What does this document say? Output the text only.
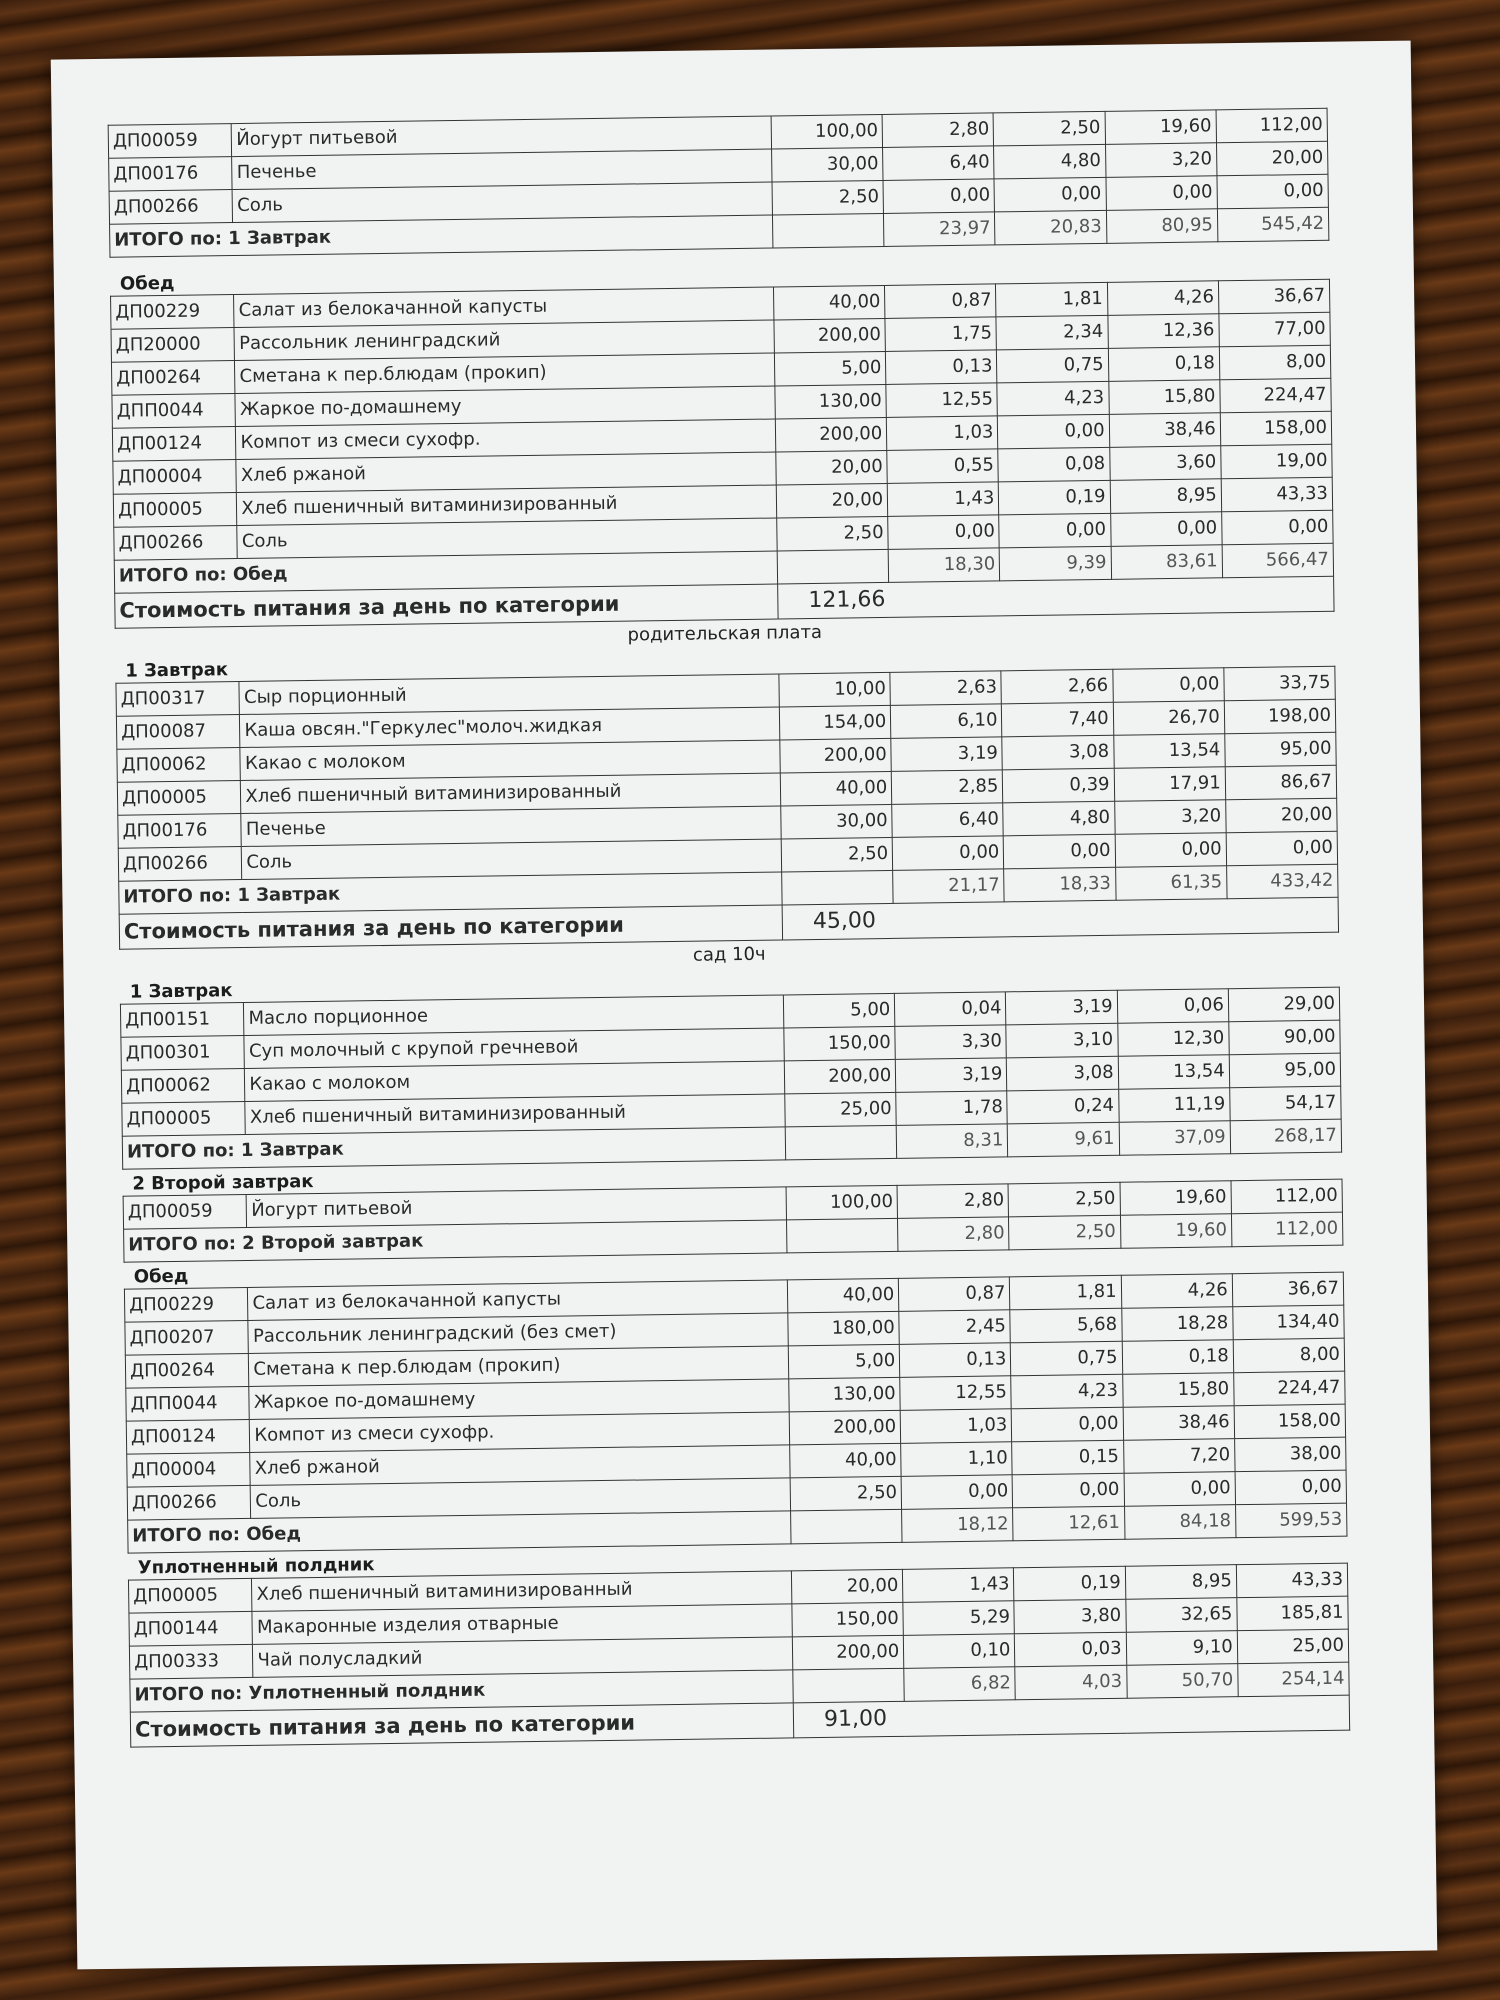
ДП00059	Йогурт питьевой	100,00	2,80	2,50	19,60	112,00
ДП00176	Печенье	30,00	6,40	4,80	3,20	20,00
ДП00266	Соль	2,50	0,00	0,00	0,00	0,00
ИТОГО по: 1 Завтрак			23,97	20,83	80,95	545,42
Обед
ДП00229	Салат из белокачанной капусты	40,00	0,87	1,81	4,26	36,67
ДП20000	Рассольник ленинградский	200,00	1,75	2,34	12,36	77,00
ДП00264	Сметана к пер.блюдам (прокип)	5,00	0,13	0,75	0,18	8,00
ДПП0044	Жаркое по-домашнему	130,00	12,55	4,23	15,80	224,47
ДП00124	Компот из смеси сухофр.	200,00	1,03	0,00	38,46	158,00
ДП00004	Хлеб ржаной	20,00	0,55	0,08	3,60	19,00
ДП00005	Хлеб пшеничный витаминизированный	20,00	1,43	0,19	8,95	43,33
ДП00266	Соль	2,50	0,00	0,00	0,00	0,00
ИТОГО по: Обед			18,30	9,39	83,61	566,47
Стоимость питания за день по категории		121,66				
родительская плата
1 Завтрак
ДП00317	Сыр порционный	10,00	2,63	2,66	0,00	33,75
ДП00087	Каша овсян."Геркулес"молоч.жидкая	154,00	6,10	7,40	26,70	198,00
ДП00062	Какао с молоком	200,00	3,19	3,08	13,54	95,00
ДП00005	Хлеб пшеничный витаминизированный	40,00	2,85	0,39	17,91	86,67
ДП00176	Печенье	30,00	6,40	4,80	3,20	20,00
ДП00266	Соль	2,50	0,00	0,00	0,00	0,00
ИТОГО по: 1 Завтрак			21,17	18,33	61,35	433,42
Стоимость питания за день по категории		45,00				
сад 10ч
1 Завтрак
ДП00151	Масло порционное	5,00	0,04	3,19	0,06	29,00
ДП00301	Суп молочный с крупой гречневой	150,00	3,30	3,10	12,30	90,00
ДП00062	Какао с молоком	200,00	3,19	3,08	13,54	95,00
ДП00005	Хлеб пшеничный витаминизированный	25,00	1,78	0,24	11,19	54,17
ИТОГО по: 1 Завтрак			8,31	9,61	37,09	268,17
2 Второй завтрак
ДП00059	Йогурт питьевой	100,00	2,80	2,50	19,60	112,00
ИТОГО по: 2 Второй завтрак			2,80	2,50	19,60	112,00
Обед
ДП00229	Салат из белокачанной капусты	40,00	0,87	1,81	4,26	36,67
ДП00207	Рассольник ленинградский (без смет)	180,00	2,45	5,68	18,28	134,40
ДП00264	Сметана к пер.блюдам (прокип)	5,00	0,13	0,75	0,18	8,00
ДПП0044	Жаркое по-домашнему	130,00	12,55	4,23	15,80	224,47
ДП00124	Компот из смеси сухофр.	200,00	1,03	0,00	38,46	158,00
ДП00004	Хлеб ржаной	40,00	1,10	0,15	7,20	38,00
ДП00266	Соль	2,50	0,00	0,00	0,00	0,00
ИТОГО по: Обед			18,12	12,61	84,18	599,53
Уплотненный полдник
ДП00005	Хлеб пшеничный витаминизированный	20,00	1,43	0,19	8,95	43,33
ДП00144	Макаронные изделия отварные	150,00	5,29	3,80	32,65	185,81
ДП00333	Чай полусладкий	200,00	0,10	0,03	9,10	25,00
ИТОГО по: Уплотненный полдник			6,82	4,03	50,70	254,14
Стоимость питания за день по категории		91,00				
